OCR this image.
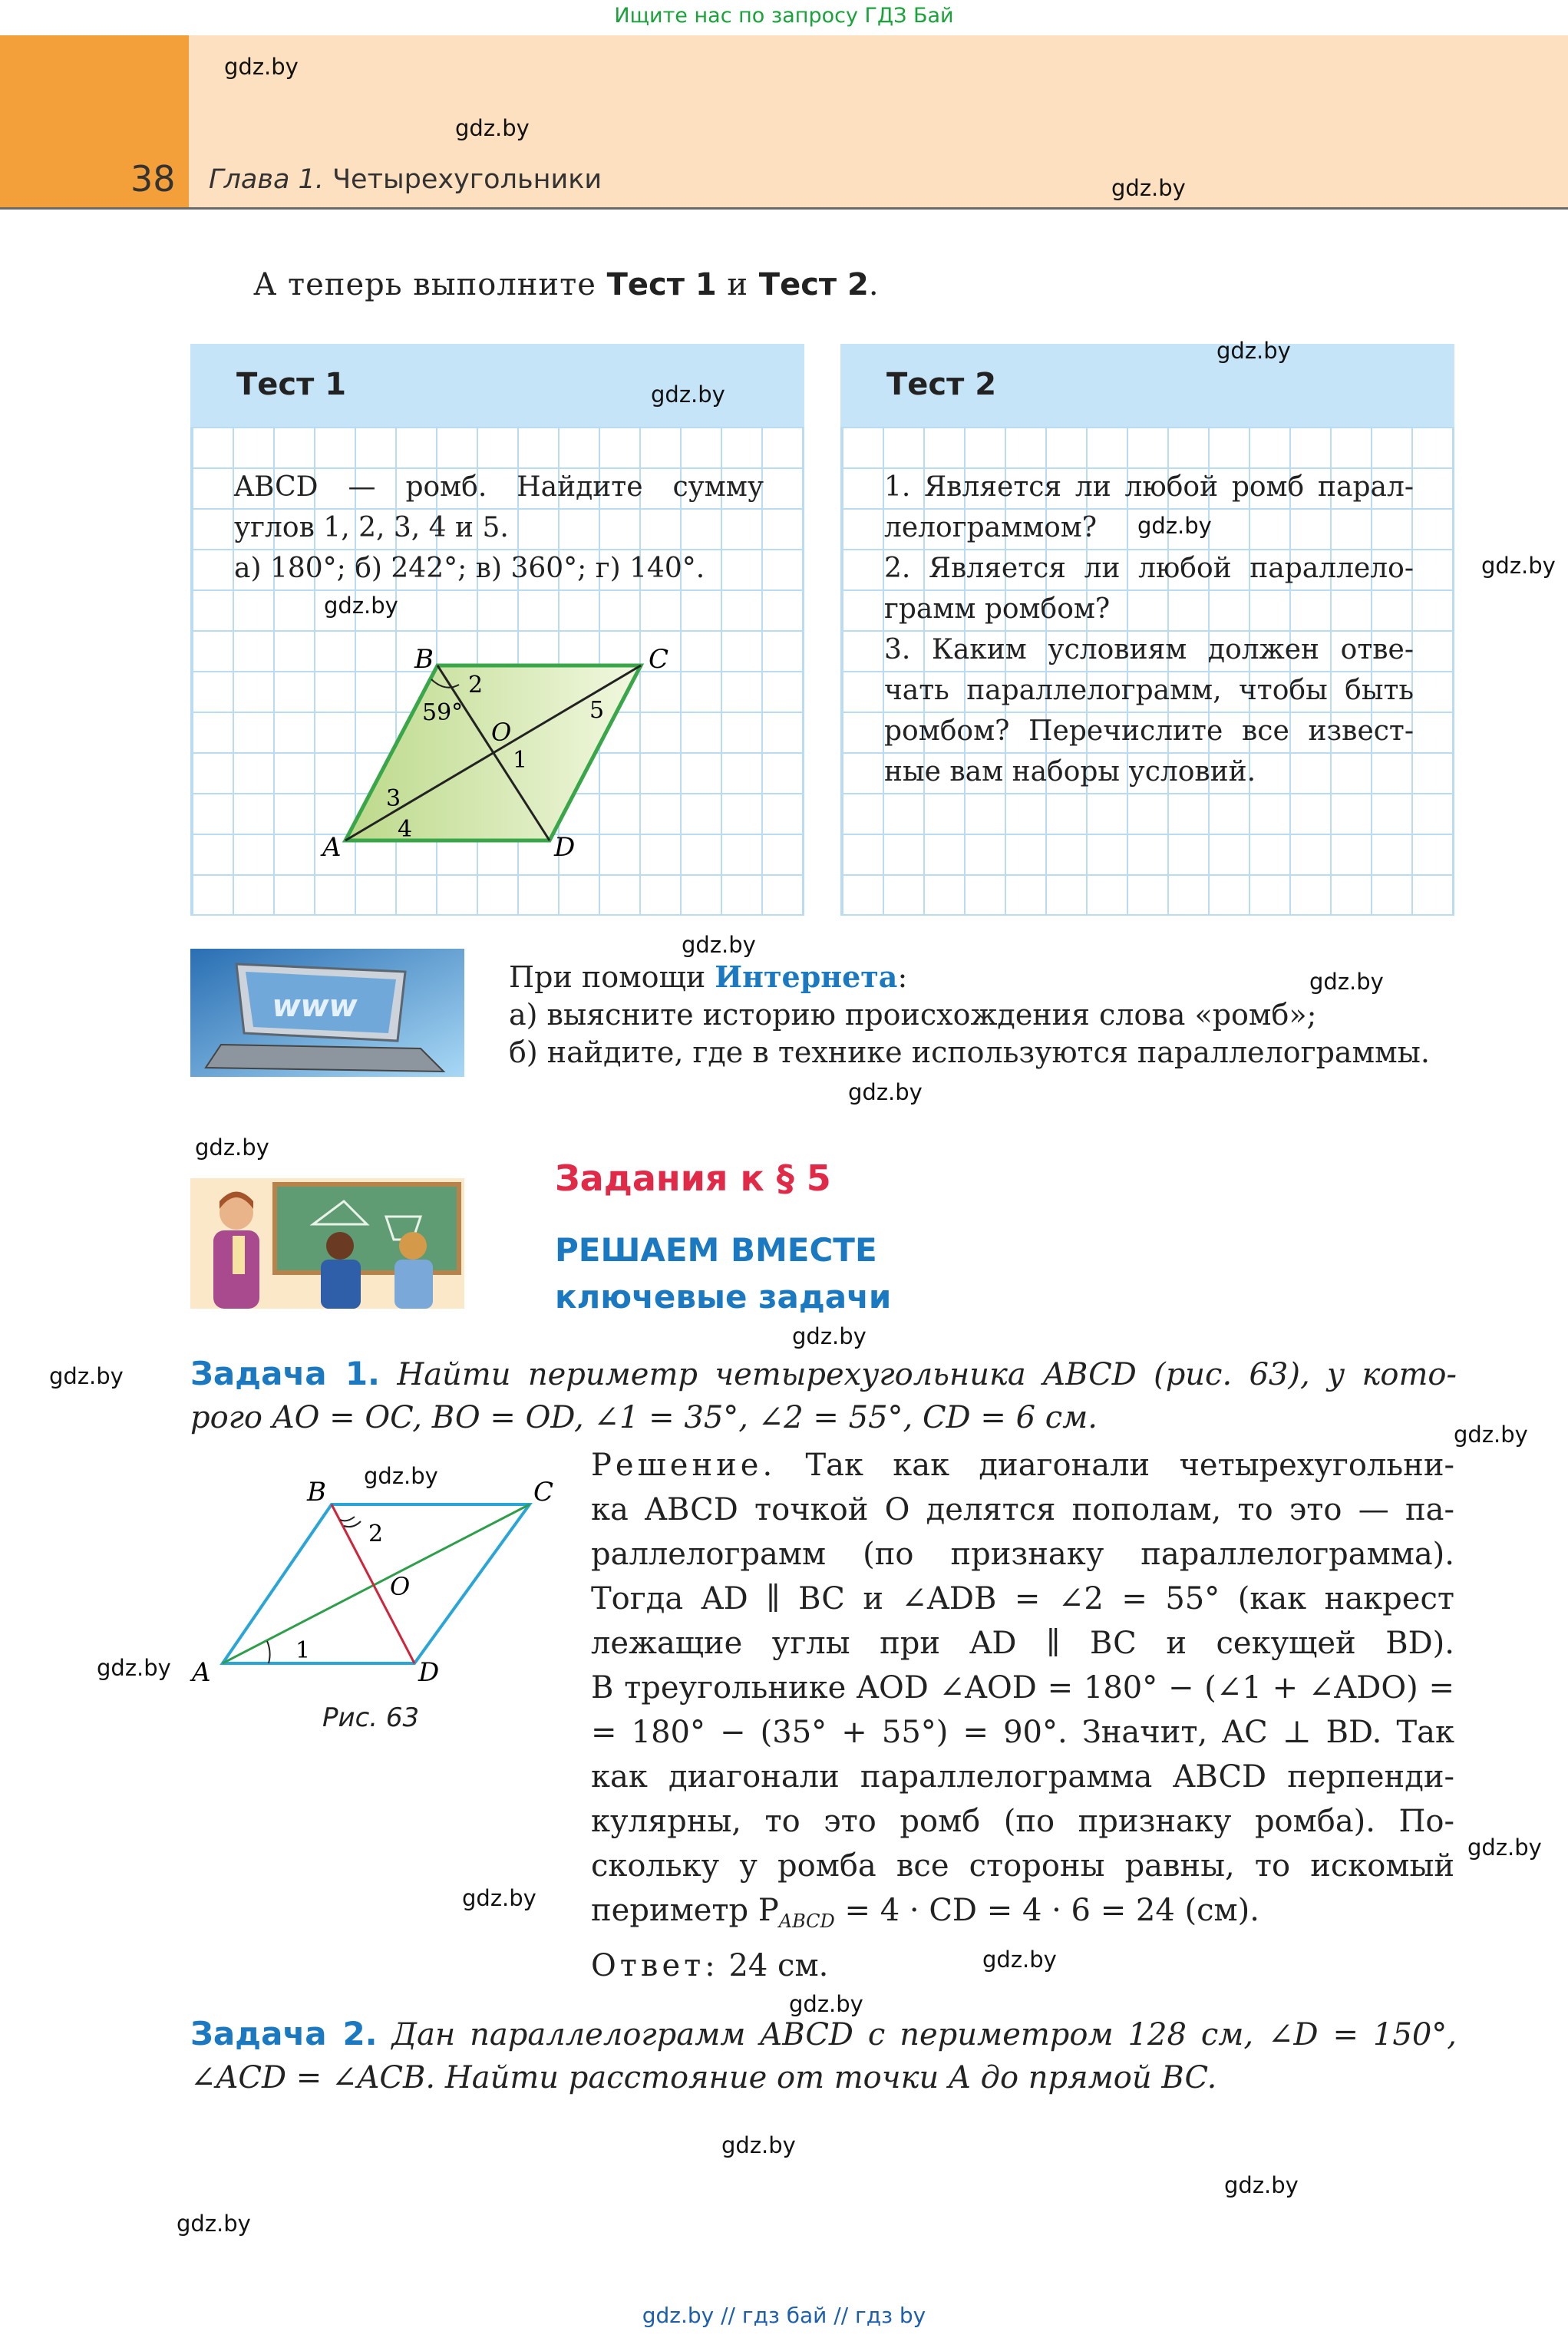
Ищите нас по запросу ГДЗ Бай
38 Глава 1. Четырехугольники
А теперь выполните Тест 1 и Тест 2.
Тест 1

ABCD — ромб. Найдите сумму

углов 1, 2, 3, 4 и 5.

а) 180°; б) 242°; в) 360°; г) 140°.

B	C
A	D
O
59°
2
1
3
4
5
Тест 2

1. Является ли любой ромб парал-

лелограммом?

2. Является ли любой параллело-

грамм ромбом?

3. Каким условиям должен отве-

чать параллелограмм, чтобы быть

ромбом? Перечислите все извест-

ные вам наборы условий.

www

При помощи Интернета:

а) выясните историю происхождения слова «ромб»;

б) найдите, где в технике используются параллелограммы.

Задания к § 5
РЕШАЕМ ВМЕСТЕ
ключевые задачи
Задача 1. Найти периметр четырехугольника ABCD (рис. 63), у кото-
рого AO = OC, BO = OD, ∠1 = 35°, ∠2 = 55°, CD = 6 см.
B	C
A	D
O
2
1
Рис. 63

Решение. Так как диагонали четырехугольни-

ка ABCD точкой O делятся пополам, то это — па-

раллелограмм (по признаку параллелограмма).

Тогда AD ∥ BC и ∠ADB = ∠2 = 55° (как накрест

лежащие углы при AD ∥ BC и секущей BD).

В треугольнике AOD ∠AOD = 180° − (∠1 + ∠ADO) =

= 180° − (35° + 55°) = 90°. Значит, AC ⊥ BD. Так

как диагонали параллелограмма ABCD перпенди-

кулярны, то это ромб (по признаку ромба). По-

скольку у ромба все стороны равны, то искомый

периметр $P_{ABCD} = 4$ · CD = 4 · 6 = 24 (см).

Ответ: 24 см.

Задача 2. Дан параллелограмм ABCD с периметром 128 см, ∠D = 150°,
∠ACD = ∠ACB. Найти расстояние от точки A до прямой BC.
gdz.by
gdz.by
gdz.by
gdz.by
gdz.by
gdz.by
gdz.by
gdz.by
gdz.by
gdz.by
gdz.by
gdz.by
gdz.by
gdz.by
gdz.by
gdz.by
gdz.by
gdz.by
gdz.by
gdz.by
gdz.by
gdz.by
gdz.by
gdz.by
gdz.by // гдз бай // гдз by
